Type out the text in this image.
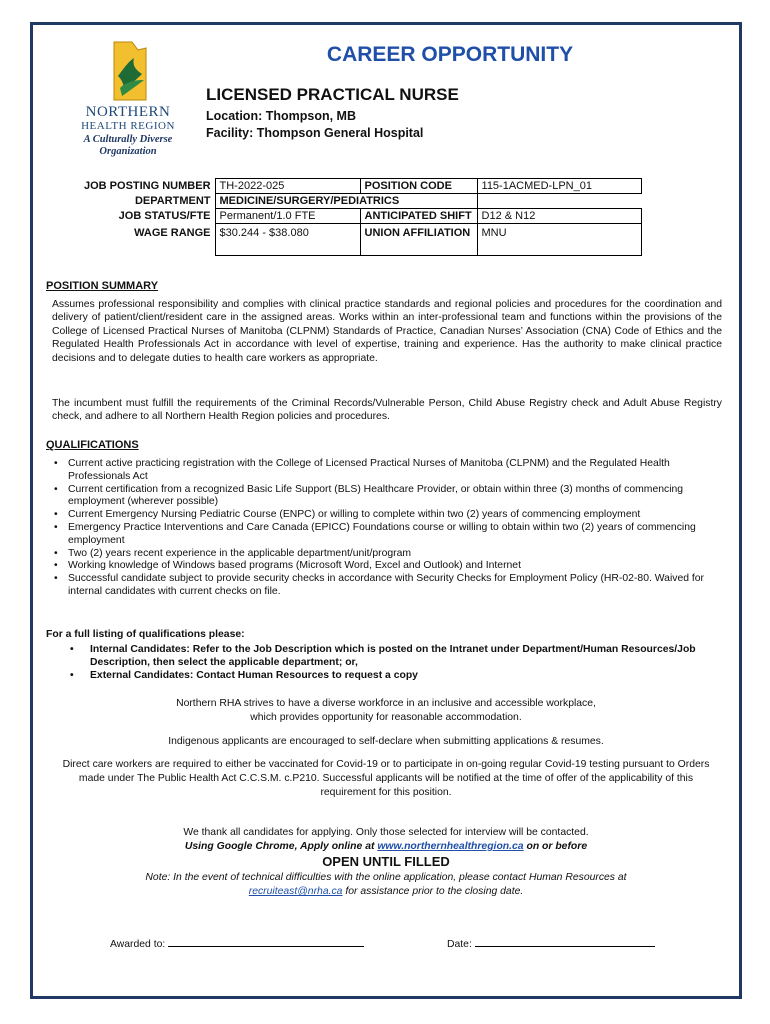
NORTHERN
HEALTH REGION
A Culturally Diverse
Organization
CAREER OPPORTUNITY
LICENSED PRACTICAL NURSE
Location: Thompson, MB
Facility: Thompson General Hospital
JOB POSTING NUMBER	TH-2022-025	POSITION CODE	115-1ACMED-LPN_01
DEPARTMENT	MEDICINE/SURGERY/PEDIATRICS		
JOB STATUS/FTE	Permanent/1.0 FTE	ANTICIPATED SHIFT	D12 & N12
WAGE RANGE	$30.244 - $38.080	UNION AFFILIATION	MNU
POSITION SUMMARY
Assumes professional responsibility and complies with clinical practice standards and regional policies and procedures for the coordination and delivery of patient/client/resident care in the assigned areas. Works within an inter-professional team and functions within the provisions of the College of Licensed Practical Nurses of Manitoba (CLPNM) Standards of Practice, Canadian Nurses’ Association (CNA) Code of Ethics and the Regulated Health Professionals Act in accordance with level of expertise, training and experience. Has the authority to make clinical practice decisions and to delegate duties to health care workers as appropriate.
The incumbent must fulfill the requirements of the Criminal Records/Vulnerable Person, Child Abuse Registry check and Adult Abuse Registry check, and adhere to all Northern Health Region policies and procedures.
QUALIFICATIONS
• Current active practicing registration with the College of Licensed Practical Nurses of Manitoba (CLPNM) and the Regulated Health Professionals Act
• Current certification from a recognized Basic Life Support (BLS) Healthcare Provider, or obtain within three (3) months of commencing employment (wherever possible)
• Current Emergency Nursing Pediatric Course (ENPC) or willing to complete within two (2) years of commencing employment
• Emergency Practice Interventions and Care Canada (EPICC) Foundations course or willing to obtain within two (2) years of commencing employment
• Two (2) years recent experience in the applicable department/unit/program
• Working knowledge of Windows based programs (Microsoft Word, Excel and Outlook) and Internet
• Successful candidate subject to provide security checks in accordance with Security Checks for Employment Policy (HR-02-80. Waived for internal candidates with current checks on file.
For a full listing of qualifications please:
• Internal Candidates: Refer to the Job Description which is posted on the Intranet under Department/Human Resources/Job Description, then select the applicable department; or,
• External Candidates: Contact Human Resources to request a copy
Northern RHA strives to have a diverse workforce in an inclusive and accessible workplace,
which provides opportunity for reasonable accommodation.
Indigenous applicants are encouraged to self-declare when submitting applications & resumes.
Direct care workers are required to either be vaccinated for Covid-19 or to participate in on-going regular Covid-19 testing pursuant to Orders made under The Public Health Act C.C.S.M. c.P210. Successful applicants will be notified at the time of offer of the applicability of this requirement for this position.
We thank all candidates for applying. Only those selected for interview will be contacted.
Using Google Chrome, Apply online at www.northernhealthregion.ca on or before
OPEN UNTIL FILLED
Note: In the event of technical difficulties with the online application, please contact Human Resources at
recruiteast@nrha.ca for assistance prior to the closing date.
Awarded to:	Date:
